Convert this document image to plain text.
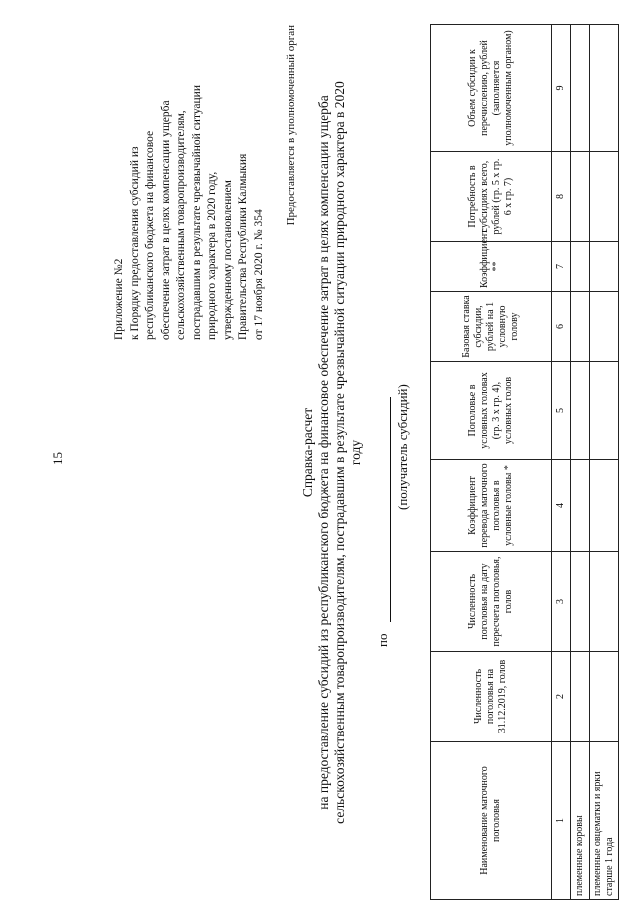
15
Приложение №2 к Порядку предоставления субсидий из республиканского бюджета на финансовое обеспечение затрат в целях компенсации ущерба сельскохозяйственным товаропроизводителям, пострадавшим в результате чрезвычайной ситуации природного характера в 2020 году, утвержденному постановлением Правительства Республики Калмыкия от 17 ноября 2020 г. № 354
Предоставляется в уполномоченный орган
Справка-расчет на предоставление субсидий из республиканского бюджета на финансовое обеспечение затрат в целях компенсации ущерба сельскохозяйственным товаропроизводителям, пострадавшим в результате чрезвычайной ситуации природного характера в 2020 году
по
(получатель субсидий)
Наименование маточного поголовья	Численность поголовья на 31.12.2019, голов	Численность поголовья на дату пересчета поголовья, голов	Коэффициент перевода маточного поголовья в условные головы *	Поголовье в условных головах (гр. 3 х гр. 4), условных голов	Базовая ставка субсидии, рублей на 1 условную голову	Коэффициент **	Потребность в субсидиях всего, рублей (гр. 5 х гр. 6 х гр. 7)	Объем субсидии к перечислению, рублей (заполняется уполномоченным органом)
1	2	3	4	5	6	7	8	9
племенные коровы								
племенные овцематки и ярки старше 1 года								
